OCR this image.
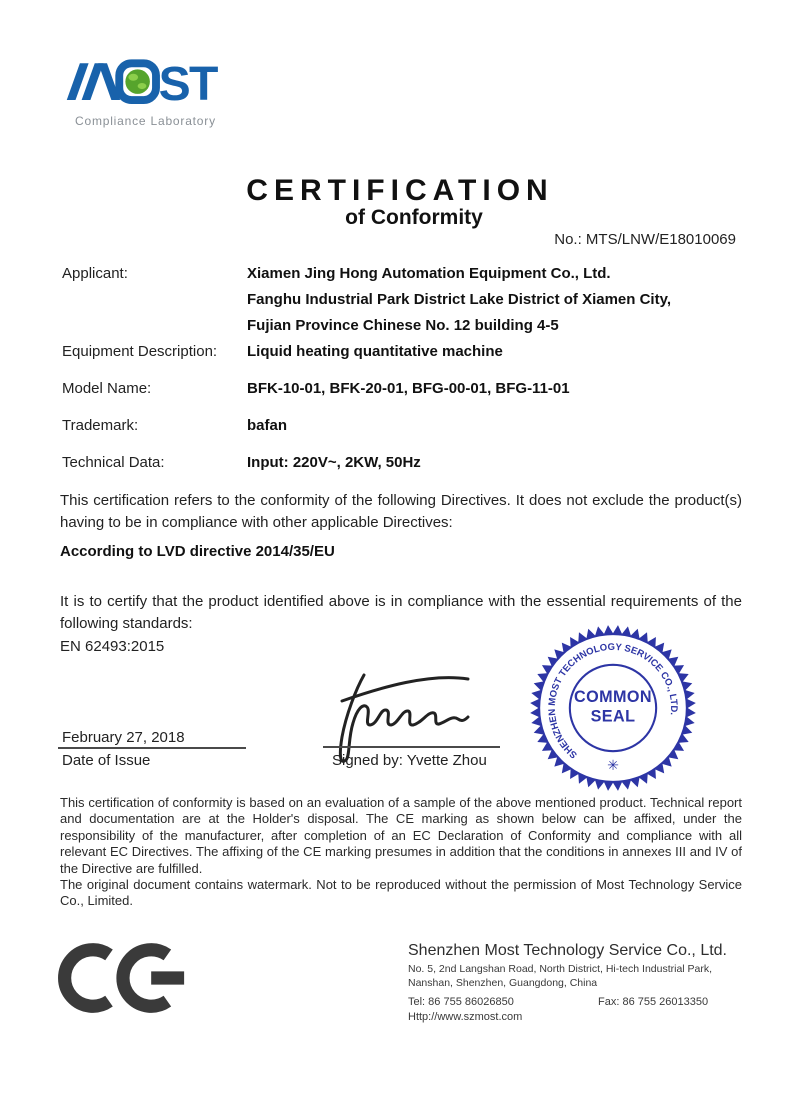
ST
Compliance Laboratory
CERTIFICATION
of Conformity
No.: MTS/LNW/E18010069
Applicant:	Xiamen Jing Hong Automation Equipment Co., Ltd.
Fanghu Industrial Park District Lake District of Xiamen City,
Fujian Province Chinese No. 12 building 4-5
Equipment Description:	Liquid heating quantitative machine
Model Name:	BFK-10-01, BFK-20-01, BFG-00-01, BFG-11-01
Trademark:	bafan
Technical Data:	Input: 220V~, 2KW, 50Hz
This certification refers to the conformity of the following Directives. It does not exclude the product(s) having to be in compliance with other applicable Directives:
According to LVD directive 2014/35/EU
It is to certify that the product identified above is in compliance with the essential requirements of the following standards:
EN 62493:2015
SHENZHEN MOST TECHNOLOGY SERVICE CO., LTD.
COMMON
SEAL
✳
Signed by: Yvette Zhou
February 27, 2018
Date of Issue

This certification of conformity is based on an evaluation of a sample of the above mentioned product. Technical report and documentation are at the Holder's disposal. The CE marking as shown below can be affixed, under the responsibility of the manufacturer, after completion of an EC Declaration of Conformity and compliance with all relevant EC Directives. The affixing of the CE marking presumes in addition that the conditions in annexes III and IV of the Directive are fulfilled.

The original document contains watermark. Not to be reproduced without the permission of Most Technology Service Co., Limited.

Shenzhen Most Technology Service Co., Ltd.
No. 5, 2nd Langshan Road, North District, Hi-tech Industrial Park,
Nanshan, Shenzhen, Guangdong, China
Tel: 86 755 86026850	Fax: 86 755 26013350
Http://www.szmost.com
